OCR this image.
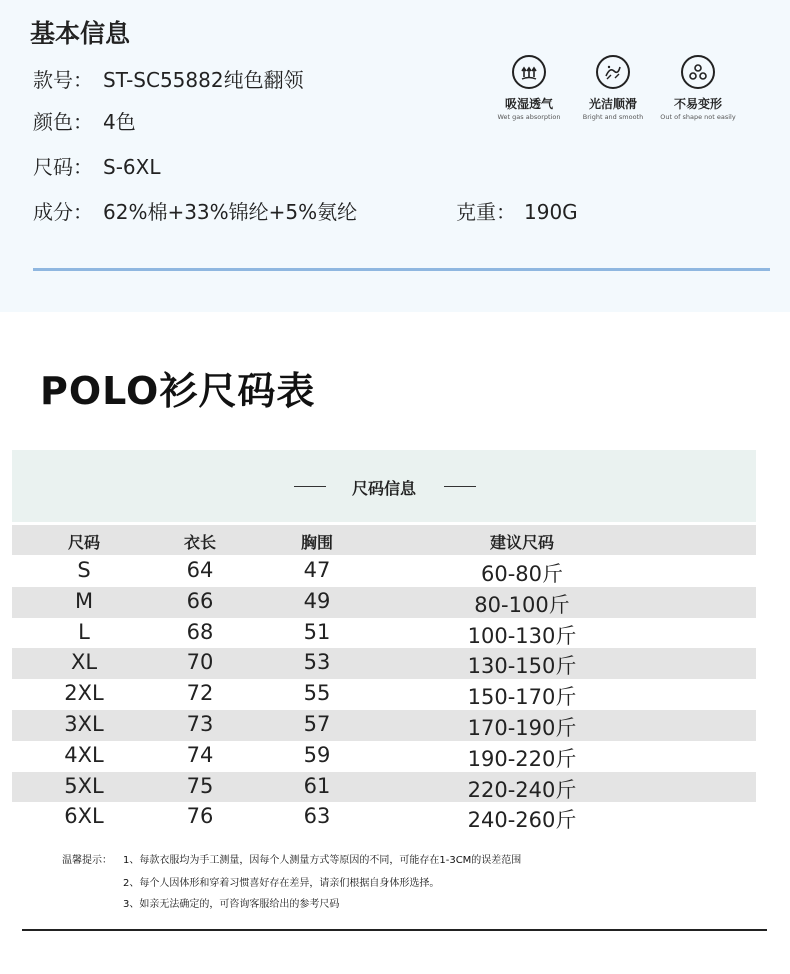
基本信息
款号： ST-SC55882纯色翻领
颜色： 4色
尺码： S-6XL
成分： 62%棉+33%锦纶+5%氨纶	克重： 190G
吸湿透气
Wet gas absorption
光洁顺滑
Bright and smooth
不易变形
Out of shape not easily
POLO衫尺码表
尺码信息
尺码	衣长	胸围	建议尺码
S	64	47	60-80斤
M	66	49	80-100斤
L	68	51	100-130斤
XL	70	53	130-150斤
2XL	72	55	150-170斤
3XL	73	57	170-190斤
4XL	74	59	190-220斤
5XL	75	61	220-240斤
6XL	76	63	240-260斤
温馨提示： 1、每款衣服均为手工测量，因每个人测量方式等原因的不同，可能存在1-3CM的误差范围
2、每个人因体形和穿着习惯喜好存在差异，请亲们根据自身体形选择。
3、如亲无法确定的，可咨询客服给出的参考尺码
